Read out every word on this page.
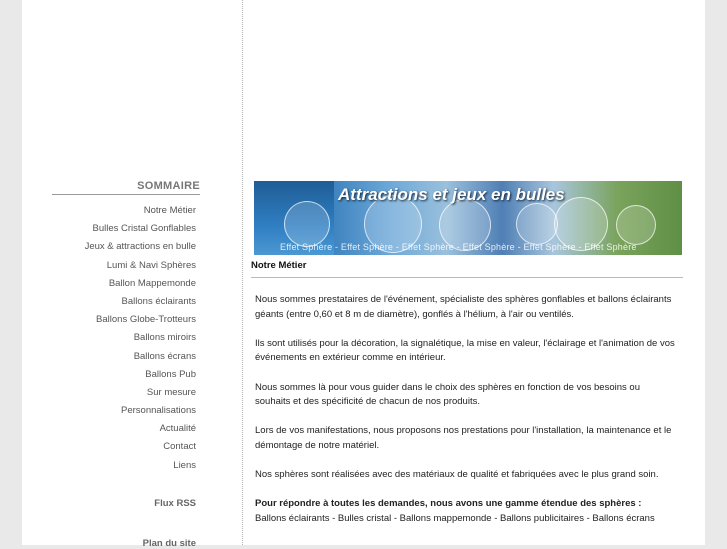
SOMMAIRE
Notre Métier
Bulles Cristal Gonflables
Jeux & attractions en bulle
Lumi & Navi Sphères
Ballon Mappemonde
Ballons éclairants
Ballons Globe-Trotteurs
Ballons miroirs
Ballons écrans
Ballons Pub
Sur mesure
Personnalisations
Actualité
Contact
Liens
Flux RSS
Plan du site
Attractions et jeux en bulles
Effet Sphère - Effet Sphère - Effet Sphère - Effet Sphère - Effet Sphère - Effet Sphère
Notre Métier

Nous sommes prestataires de l'événement, spécialiste des sphères gonflables et ballons éclairants géants (entre 0,60 et 8 m de diamètre), gonflés à l'hélium, à l'air ou ventilés.

Ils sont utilisés pour la décoration, la signalétique, la mise en valeur, l'éclairage et l'animation de vos événements en extérieur comme en intérieur.

Nous sommes là pour vous guider dans le choix des sphères en fonction de vos besoins ou souhaits et des spécificité de chacun de nos produits.

Lors de vos manifestations, nous proposons nos prestations pour l'installation, la maintenance et le démontage de notre matériel.

Nos sphères sont réalisées avec des matériaux de qualité et fabriquées avec le plus grand soin.

Pour répondre à toutes les demandes, nous avons une gamme étendue des sphères :

Ballons éclairants - Bulles cristal - Ballons mappemonde - Ballons publicitaires - Ballons écrans
